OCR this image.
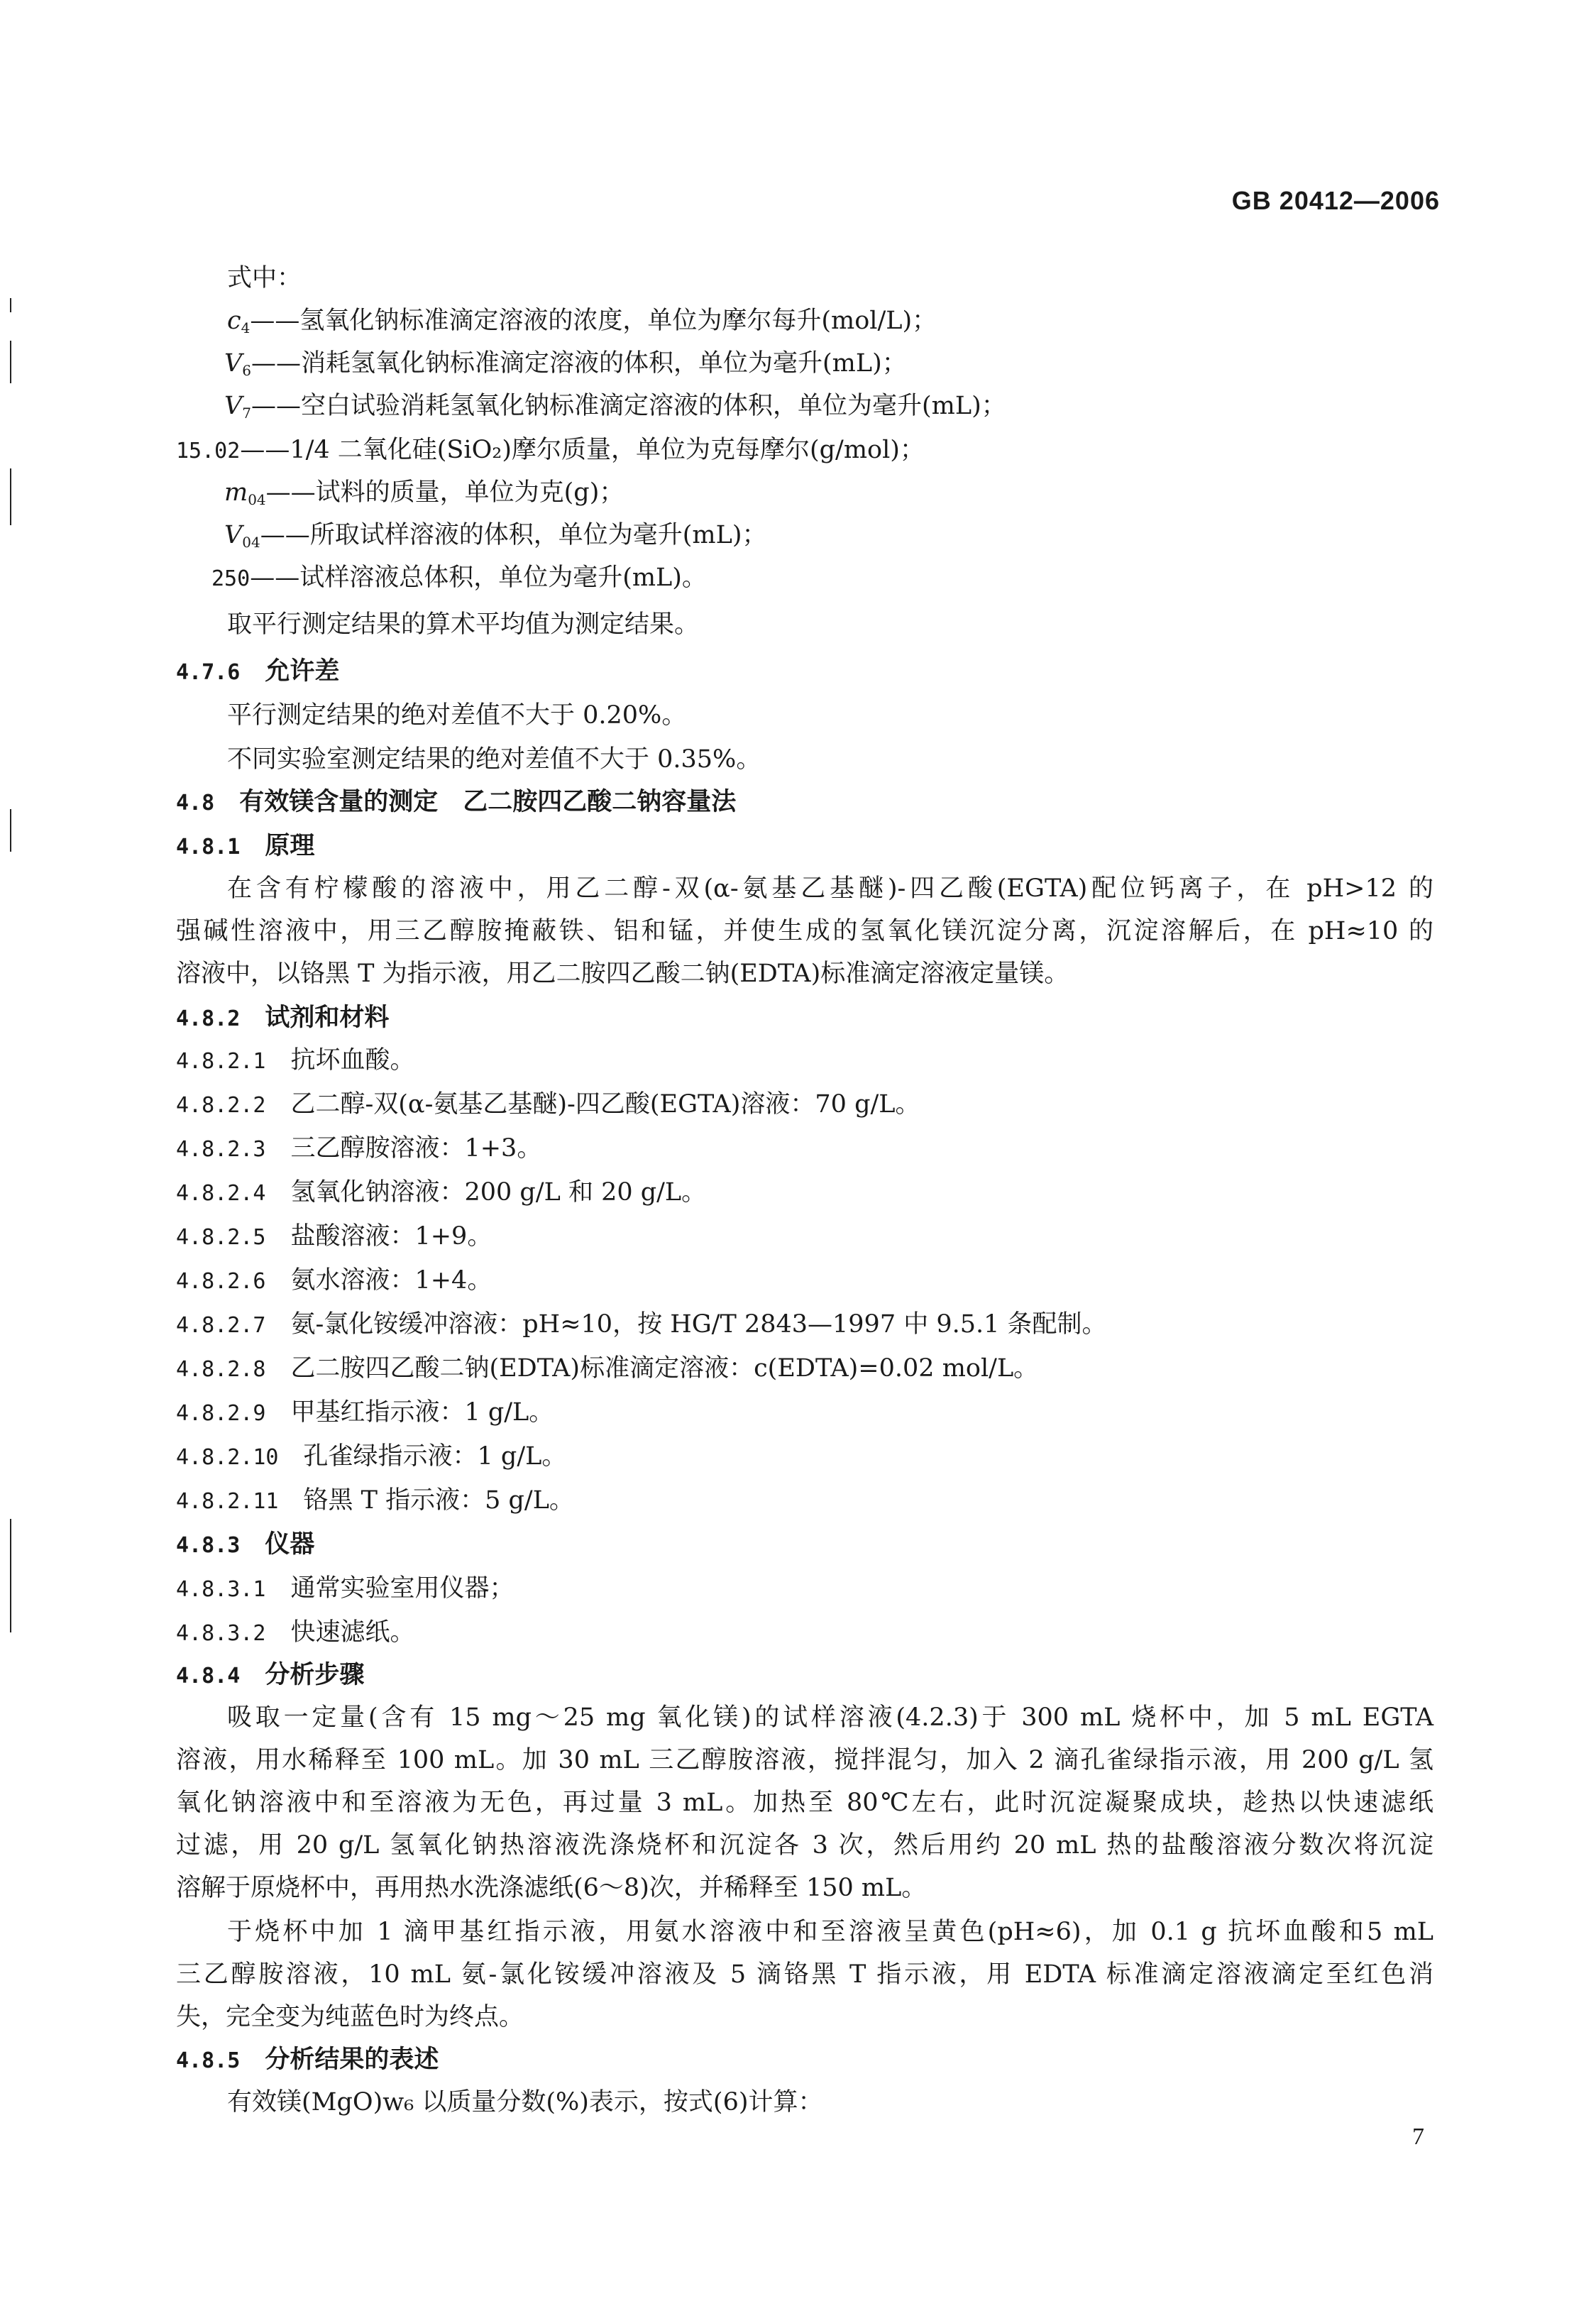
GB 20412—2006
式中：
$c_4——$氢氧化钠标准滴定溶液的浓度，单位为摩尔每升(mol/L)；
$V_6——$消耗氢氧化钠标准滴定溶液的体积，单位为毫升(mL)；
$V_7——$空白试验消耗氢氧化钠标准滴定溶液的体积，单位为毫升(mL)；
15.02——1/4 二氧化硅(SiO₂)摩尔质量，单位为克每摩尔(g/mol)；
$m_{04}——$试料的质量，单位为克(g)；
$V_{04}——$所取试样溶液的体积，单位为毫升(mL)；
250——试样溶液总体积，单位为毫升(mL)。
取平行测定结果的算术平均值为测定结果。
4.7.6　 允许差
平行测定结果的绝对差值不大于 0.20%。
不同实验室测定结果的绝对差值不大于 0.35%。
4.8　 有效镁含量的测定　乙二胺四乙酸二钠容量法
4.8.1　 原理
在含有柠檬酸的溶液中，用乙二醇-双(α-氨基乙基醚)-四乙酸(EGTA)配位钙离子，在 pH>12 的
强碱性溶液中，用三乙醇胺掩蔽铁、铝和锰，并使生成的氢氧化镁沉淀分离，沉淀溶解后，在 pH≈10 的
溶液中，以铬黑 T 为指示液，用乙二胺四乙酸二钠(EDTA)标准滴定溶液定量镁。
4.8.2　 试剂和材料
4.8.2.1　 抗坏血酸。
4.8.2.2　 乙二醇-双(α-氨基乙基醚)-四乙酸(EGTA)溶液：70 g/L。
4.8.2.3　 三乙醇胺溶液：1+3。
4.8.2.4　 氢氧化钠溶液：200 g/L 和 20 g/L。
4.8.2.5　 盐酸溶液：1+9。
4.8.2.6　 氨水溶液：1+4。
4.8.2.7　 氨-氯化铵缓冲溶液：pH≈10，按 HG/T 2843—1997 中 9.5.1 条配制。
4.8.2.8　 乙二胺四乙酸二钠(EDTA)标准滴定溶液：c(EDTA)=0.02 mol/L。
4.8.2.9　 甲基红指示液：1 g/L。
4.8.2.10　 孔雀绿指示液：1 g/L。
4.8.2.11　 铬黑 T 指示液：5 g/L。
4.8.3　 仪器
4.8.3.1　 通常实验室用仪器；
4.8.3.2　 快速滤纸。
4.8.4　 分析步骤
吸取一定量(含有 15 mg～25 mg 氧化镁)的试样溶液(4.2.3)于 300 mL 烧杯中，加 5 mL EGTA
溶液，用水稀释至 100 mL。加 30 mL 三乙醇胺溶液，搅拌混匀，加入 2 滴孔雀绿指示液，用 200 g/L 氢
氧化钠溶液中和至溶液为无色，再过量 3 mL。加热至 80℃左右，此时沉淀凝聚成块，趁热以快速滤纸
过滤，用 20 g/L 氢氧化钠热溶液洗涤烧杯和沉淀各 3 次，然后用约 20 mL 热的盐酸溶液分数次将沉淀
溶解于原烧杯中，再用热水洗涤滤纸(6～8)次，并稀释至 150 mL。
于烧杯中加 1 滴甲基红指示液，用氨水溶液中和至溶液呈黄色(pH≈6)，加 0.1 g 抗坏血酸和5 mL
三乙醇胺溶液，10 mL 氨-氯化铵缓冲溶液及 5 滴铬黑 T 指示液，用 EDTA 标准滴定溶液滴定至红色消
失，完全变为纯蓝色时为终点。
4.8.5　 分析结果的表述
有效镁(MgO)w₆ 以质量分数(%)表示，按式(6)计算：
7
